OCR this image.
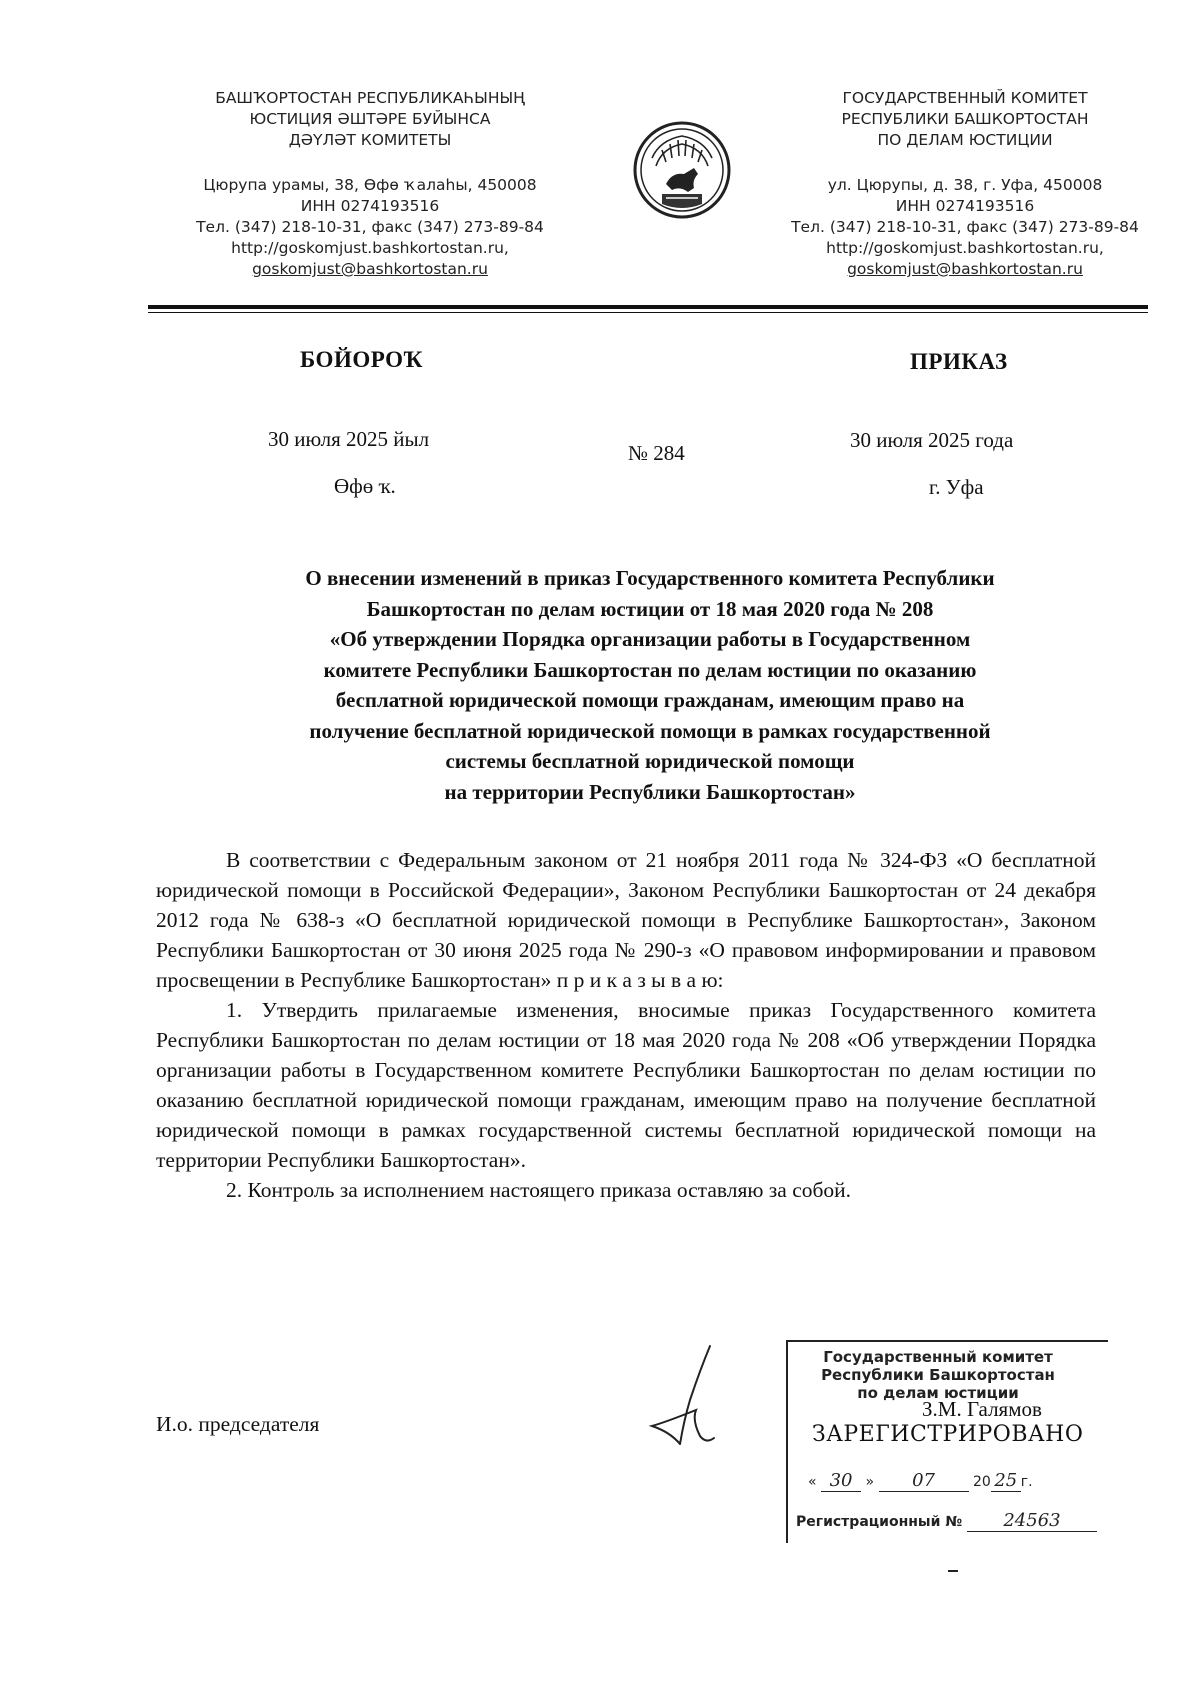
БАШҠОРТОСТАН РЕСПУБЛИКАҺЫНЫҢ
ЮСТИЦИЯ ӘШТӘРЕ БУЙЫНСА
ДӘҮЛӘТ КОМИТЕТЫ
Цюрупа урамы, 38, Өфө ҡалаһы, 450008
ИНН 0274193516
Тел. (347) 218-10-31, факс (347) 273-89-84
http://goskomjust.bashkortostan.ru,
goskomjust@bashkortostan.ru
ГОСУДАРСТВЕННЫЙ КОМИТЕТ
РЕСПУБЛИКИ БАШКОРТОСТАН
ПО ДЕЛАМ ЮСТИЦИИ
ул. Цюрупы, д. 38, г. Уфа, 450008
ИНН 0274193516
Тел. (347) 218-10-31, факс (347) 273-89-84
http://goskomjust.bashkortostan.ru,
goskomjust@bashkortostan.ru
БОЙОРОҠ	ПРИКАЗ
30 июля 2025 йыл
№ 284
30 июля 2025 года
Өфө ҡ.	г. Уфа
О внесении изменений в приказ Государственного комитета Республики
Башкортостан по делам юстиции от 18 мая 2020 года № 208
«Об утверждении Порядка организации работы в Государственном
комитете Республики Башкортостан по делам юстиции по оказанию
бесплатной юридической помощи гражданам, имеющим право на
получение бесплатной юридической помощи в рамках государственной
системы бесплатной юридической помощи
на территории Республики Башкортостан»

В соответствии с Федеральным законом от 21 ноября 2011 года № 324-ФЗ «О бесплатной юридической помощи в Российской Федерации», Законом Республики Башкортостан от 24 декабря 2012 года № 638-з «О бесплатной юридической помощи в Республике Башкортостан», Законом Республики Башкортостан от 30 июня 2025 года № 290-з «О правовом информировании и правовом просвещении в Республике Башкортостан» п р и к а з ы в а ю:

1. Утвердить прилагаемые изменения, вносимые приказ Государственного комитета Республики Башкортостан по делам юстиции от 18 мая 2020 года № 208 «Об утверждении Порядка организации работы в Государственном комитете Республики Башкортостан по делам юстиции по оказанию бесплатной юридической помощи гражданам, имеющим право на получение бесплатной юридической помощи в рамках государственной системы бесплатной юридической помощи на территории Республики Башкортостан».

2. Контроль за исполнением настоящего приказа оставляю за собой.

И.о. председателя
З.М. Галямов
Государственный комитет
Республики Башкортостан
по делам юстиции
ЗАРЕГИСТРИРОВАНО
« 30 » 07	20 25 г.
Регистрационный № 24563
